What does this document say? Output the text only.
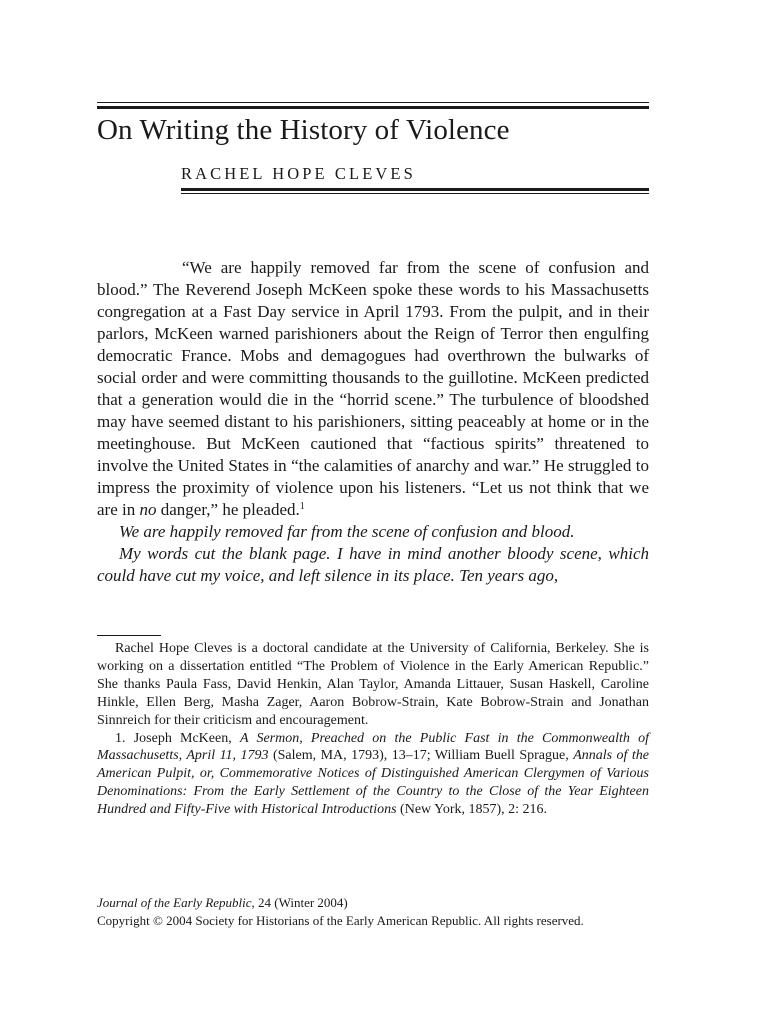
On Writing the History of Violence
RACHEL HOPE CLEVES

“We are happily removed far from the scene of confusion and blood.” The Reverend Joseph McKeen spoke these words to his Massachusetts congregation at a Fast Day service in April 1793. From the pulpit, and in their parlors, McKeen warned parishioners about the Reign of Terror then engulfing democratic France. Mobs and demagogues had overthrown the bulwarks of social order and were committing thousands to the guillotine. McKeen predicted that a generation would die in the “horrid scene.” The turbulence of bloodshed may have seemed distant to his parishioners, sitting peaceably at home or in the meetinghouse. But McKeen cautioned that “factious spirits” threatened to involve the United States in “the calamities of anarchy and war.” He struggled to impress the proximity of violence upon his listeners. “Let us not think that we are in no danger,” he pleaded.$^1$

We are happily removed far from the scene of confusion and blood.

My words cut the blank page. I have in mind another bloody scene, which could have cut my voice, and left silence in its place. Ten years ago,

Rachel Hope Cleves is a doctoral candidate at the University of California, Berkeley. She is working on a dissertation entitled “The Problem of Violence in the Early American Republic.” She thanks Paula Fass, David Henkin, Alan Taylor, Amanda Littauer, Susan Haskell, Caroline Hinkle, Ellen Berg, Masha Zager, Aaron Bobrow-Strain, Kate Bobrow-Strain and Jonathan Sinnreich for their criticism and encouragement.

1. Joseph McKeen, A Sermon, Preached on the Public Fast in the Commonwealth of Massachusetts, April 11, 1793 (Salem, MA, 1793), 13–17; William Buell Sprague, Annals of the American Pulpit, or, Commemorative Notices of Distinguished American Clergymen of Various Denominations: From the Early Settlement of the Country to the Close of the Year Eighteen Hundred and Fifty-Five with Historical Introductions (New York, 1857), 2: 216.

Journal of the Early Republic, 24 (Winter 2004)
Copyright © 2004 Society for Historians of the Early American Republic. All rights reserved.
